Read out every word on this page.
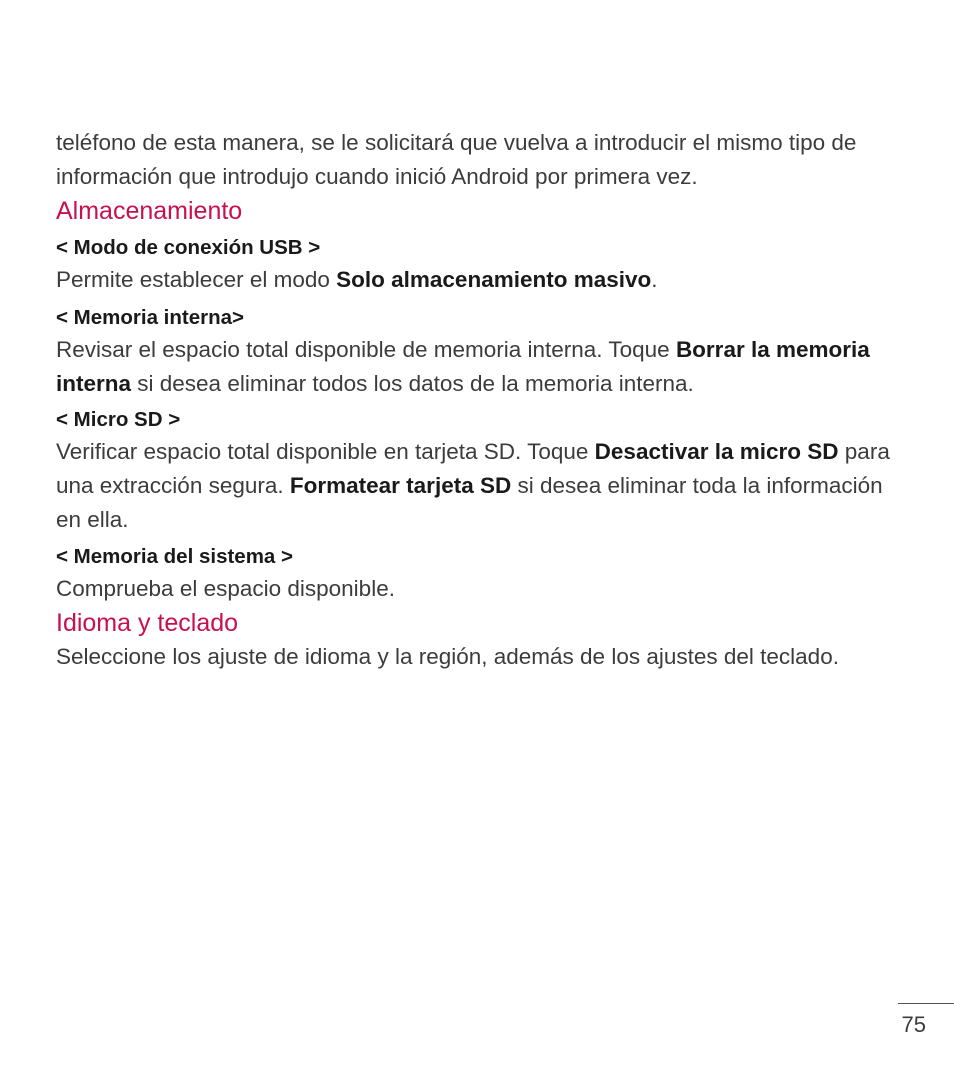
teléfono de esta manera, se le solicitará que vuelva a introducir el mismo tipo de información que introdujo cuando inició Android por primera vez.

Almacenamiento
< Modo de conexión USB >

Permite establecer el modo Solo almacenamiento masivo.

< Memoria interna>

Revisar el espacio total disponible de memoria interna. Toque Borrar la memoria interna si desea eliminar todos los datos de la memoria interna.

< Micro SD >

Verificar espacio total disponible en tarjeta SD. Toque Desactivar la micro SD para una extracción segura. Formatear tarjeta SD si desea eliminar toda la información en ella.

< Memoria del sistema >

Comprueba el espacio disponible.

Idioma y teclado

Seleccione los ajuste de idioma y la región, además de los ajustes del teclado.

75
